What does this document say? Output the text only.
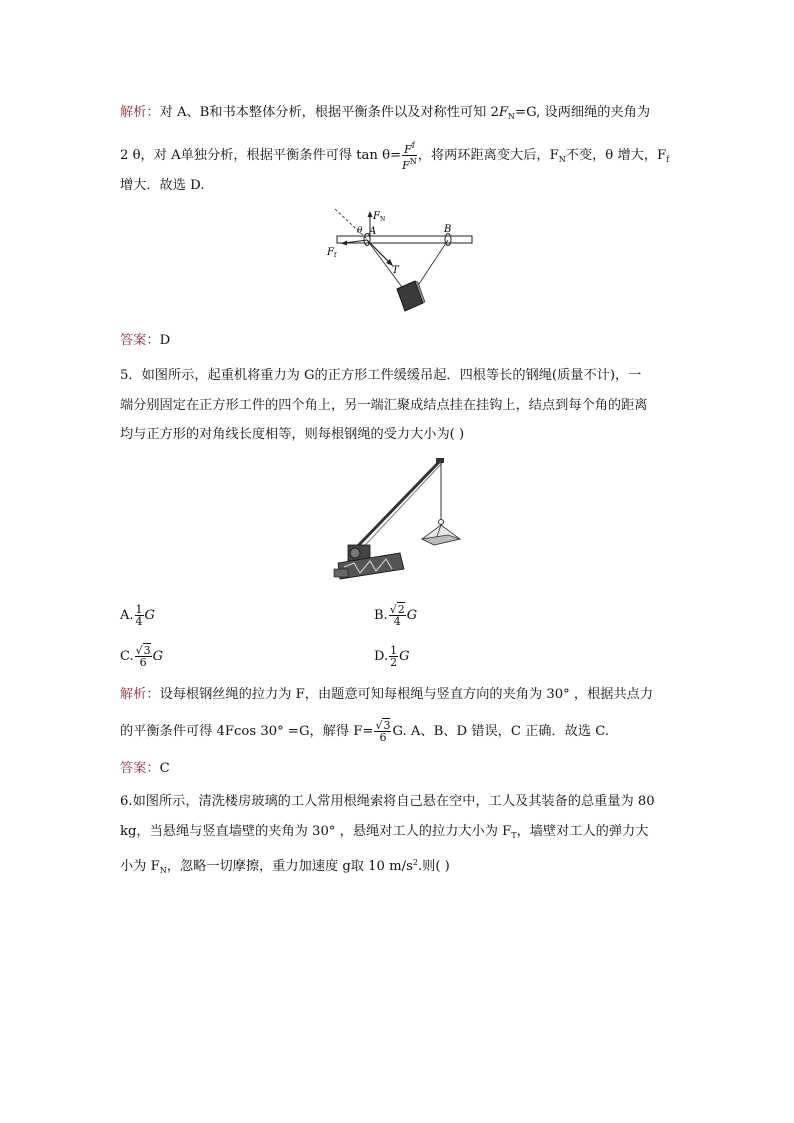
解析：对 A、B和书本整体分析，根据平衡条件以及对称性可知 $2F_N=G$, 设两细绳的夹角为
2 θ，对 A单独分析，根据平衡条件可得 $\tan \theta= \frac{F^f}{F^N}$ ，将两环距离变大后，$F_N$不变，θ 增大，$F_f$
增大．故选 D.
$F_N$
θ A	B
$F_f$
T
答案：D
5．如图所示，起重机将重力为 G的正方形工件缓缓吊起．四根等长的钢绳(质量不计)，一
端分别固定在正方形工件的四个角上，另一端汇聚成结点挂在挂钩上，结点到每个角的距离
均与正方形的对角线长度相等，则每根钢绳的受力大小为( )
A. $\frac{1}{4}$ G	B. $\frac{√2}{4}$ G
C. $\frac{√3}{6}$ G	D. $\frac{1}{2}$ G
解析：设每根钢丝绳的拉力为 F，由题意可知每根绳与竖直方向的夹角为 30° ，根据共点力
的平衡条件可得 4Fcos 30° =G，解得 $F= \frac{√3}{6} G$. A、B、D 错误，C 正确．故选 C.
答案：C
6.如图所示，清洗楼房玻璃的工人常用根绳索将自己悬在空中，工人及其装备的总重量为 80
kg，当悬绳与竖直墙壁的夹角为 30° ，悬绳对工人的拉力大小为 $F_T$，墙壁对工人的弹力大
小为 $F_N$，忽略一切摩擦，重力加速度 g取 10 $m/s^2$.则( )
